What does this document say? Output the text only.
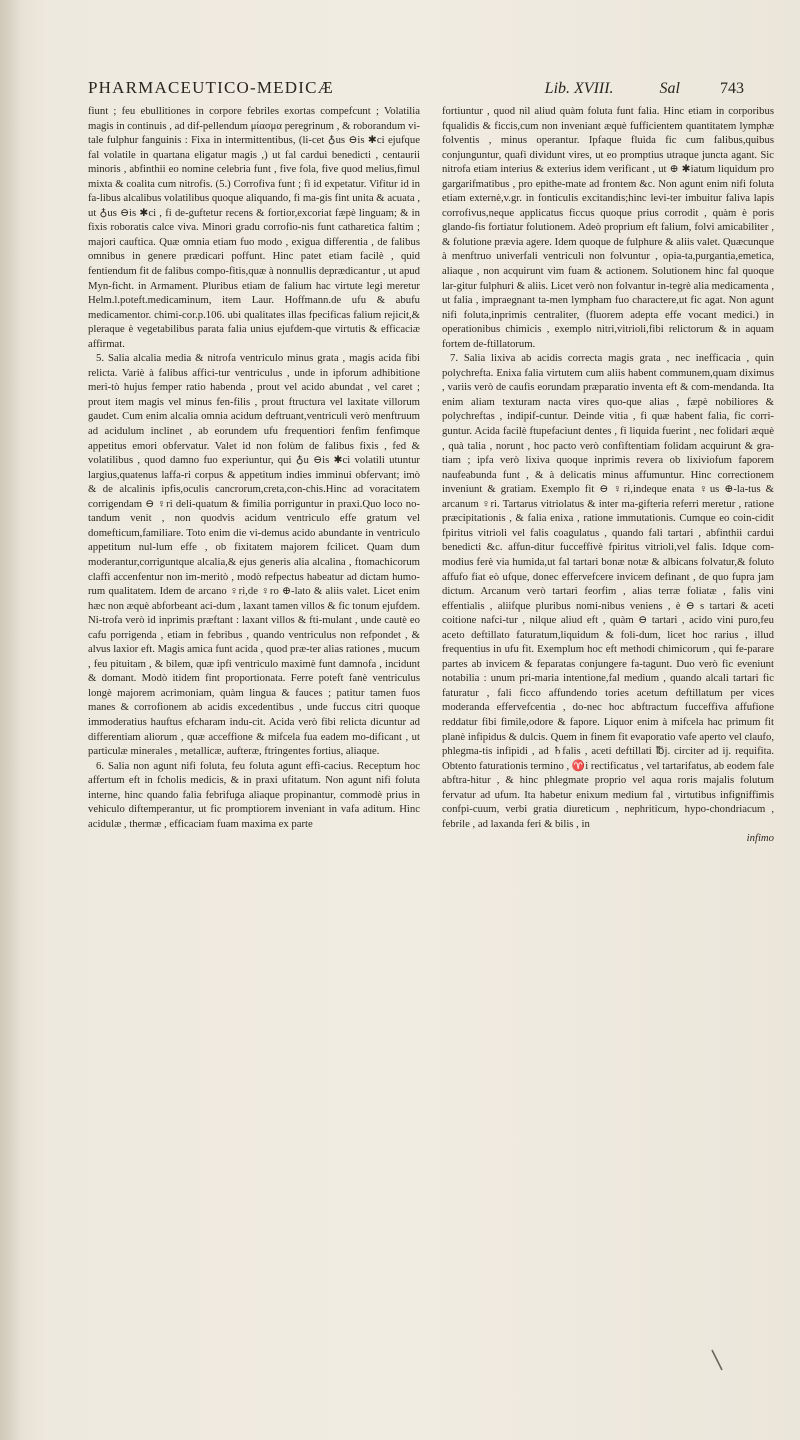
PHARMACEUTICO-MEDICÆ	Lib. XVIII.	Sal	743

fiunt ; feu ebullitiones in corpore febriles exortas compefcunt ; Volatilia magis in continuis , ad dif-pellendum μίασμα peregrinum , & roborandum vi-tale fulphur fanguinis : Fixa in intermittentibus, (li-cet ♁us ⊖is ✱ci ejufque fal volatile in quartana eligatur magis ,) ut fal cardui benedicti , centaurii minoris , abfinthii eo nomine celebria funt , five fola, five quod melius,fimul mixta & coalita cum nitrofis. (5.) Corrofiva funt ; fi id expetatur. Vifitur id in fa-libus alcalibus volatilibus quoque aliquando, fi ma-gis fint unita & acuata , ut ♁us ⊖is ✱ci , fi de-guftetur recens & fortior,excoriat fæpè linguam; & in fixis roboratis calce viva. Minori gradu corrofio-nis funt catharetica faltim ; majori cauftica. Quæ omnia etiam fuo modo , exigua differentia , de falibus omnibus in genere prædicari poffunt. Hinc patet etiam facilè , quid fentiendum fit de falibus compo-fitis,quæ à nonnullis deprædicantur , ut apud Myn-ficht. in Armament. Pluribus etiam de falium hac virtute legi meretur Helm.l.poteft.medicaminum, item Laur. Hoffmann.de ufu & abufu medicamentor. chimi-cor.p.106. ubi qualitates illas fpecificas falium rejicit,& pleraque è vegetabilibus parata falia unius ejufdem-que virtutis & efficaciæ affirmat.

5. Salia alcalia media & nitrofa ventriculo minus grata , magis acida fibi relicta. Variè à falibus affici-tur ventriculus , unde in ipforum adhibitione meri-tò hujus femper ratio habenda , prout vel acido abundat , vel caret ; prout item magis vel minus fen-filis , prout ftructura vel laxitate villorum gaudet. Cum enim alcalia omnia acidum deftruant,ventriculi verò menftruum ad acidulum inclinet , ab eorundem ufu frequentiori fenfim fenfimque appetitus emori obfervatur. Valet id non folùm de falibus fixis , fed & volatilibus , quod damno fuo experiuntur, qui ♁u ⊖is ✱ci volatili utuntur largius,quatenus laffa-ri corpus & appetitum indies imminui obfervant; imò & de alcalinis ipfis,oculis cancrorum,creta,con-chis.Hinc ad voracitatem corrigendam ⊖ ♀ri deli-quatum & fimilia porriguntur in praxi.Quo loco no-tandum venit , non quodvis acidum ventriculo effe gratum vel domefticum,familiare. Toto enim die vi-demus acido abundante in ventriculo appetitum nul-lum effe , ob fixitatem majorem fcilicet. Quam dum moderantur,corriguntque alcalia,& ejus generis alia alcalina , ftomachicorum claffi accenfentur non im-meritò , modò refpectus habeatur ad dictam humo-rum qualitatem. Idem de arcano ♀ri,de ♀ro ⊕-lato & aliis valet. Licet enim hæc non æquè abforbeant aci-dum , laxant tamen villos & fic tonum ejufdem. Ni-trofa verò id inprimis præftant : laxant villos & fti-mulant , unde cautè eo cafu porrigenda , etiam in febribus , quando ventriculus non refpondet , & alvus laxior eft. Magis amica funt acida , quod præ-ter alias rationes , mucum , feu pituitam , & bilem, quæ ipfi ventriculo maximè funt damnofa , incidunt & domant. Modò itidem fint proportionata. Ferre poteft fanè ventriculus longè majorem acrimoniam, quàm lingua & fauces ; patitur tamen fuos manes & corrofionem ab acidis excedentibus , unde fuccus citri quoque immoderatius hauftus efcharam indu-cit. Acida verò fibi relicta dicuntur ad differentiam aliorum , quæ acceffione & mifcela fua eadem mo-dificant , ut particulæ minerales , metallicæ, aufteræ, ftringentes fortius, aliaque.

6. Salia non agunt nifi foluta, feu foluta agunt effi-cacius. Receptum hoc affertum eft in fcholis medicis, & in praxi ufitatum. Non agunt nifi foluta interne, hinc quando falia febrifuga aliaque propinantur, commodè prius in vehiculo diftemperantur, ut fic promptiorem inveniant in vafa aditum. Hinc acidulæ , thermæ , efficaciam fuam maxima ex parte

fortiuntur , quod nil aliud quàm foluta funt falia. Hinc etiam in corporibus fqualidis & ficcis,cum non inveniant æquè fufficientem quantitatem lymphæ folventis , minus operantur. Ipfaque fluida fic cum falibus,quibus conjunguntur, quafi dividunt vires, ut eo promptius utraque juncta agant. Sic nitrofa etiam interius & exterius idem verificant , ut ⊕ ✱iatum liquidum pro gargarifmatibus , pro epithe-mate ad frontem &c. Non agunt enim nifi foluta etiam externè,v.gr. in fonticulis excitandis;hinc levi-ter imbuitur faliva lapis corrofivus,neque applicatus ficcus quoque prius corrodit , quàm è poris glando-fis fortiatur folutionem. Adeò proprium eft falium, folvi amicabiliter , & folutione prævia agere. Idem quoque de fulphure & aliis valet. Quæcunque à menftruo univerfali ventriculi non folvuntur , opia-ta,purgantia,emetica, aliaque , non acquirunt vim fuam & actionem. Solutionem hinc fal quoque lar-gitur fulphuri & aliis. Licet verò non folvantur in-tegrè alia medicamenta , ut falia , impraegnant ta-men lympham fuo charactere,ut fic agat. Non agunt nifi foluta,inprimis centraliter, (fluorem adepta effe vocant medici.) in operationibus chimicis , exemplo nitri,vitrioli,fibi relictorum & in aquam fortem de-ftillatorum.

7. Salia lixiva ab acidis correcta magis grata , nec inefficacia , quin polychrefta. Enixa falia virtutem cum aliis habent communem,quam diximus , variis verò de caufis eorundam præparatio inventa eft & com-mendanda. Ita enim aliam texturam nacta vires quo-que alias , fæpè nobiliores & polychreftas , indipif-cuntur. Deinde vitia , fi quæ habent falia, fic corri-guntur. Acida facilè ftupefaciunt dentes , fi liquida fuerint , nec folidari æquè , quà talia , norunt , hoc pacto verò confiftentiam folidam acquirunt & gra-tiam ; ipfa verò lixiva quoque inprimis revera ob lixiviofum faporem naufeabunda funt , & à delicatis minus affumuntur. Hinc correctionem inveniunt & gratiam. Exemplo fit ⊖ ♀ri,indeque enata ♀us ⊕-la-tus & arcanum ♀ri. Tartarus vitriolatus & inter ma-gifteria referri meretur , ratione præcipitationis , & falia enixa , ratione immutationis. Cumque eo coin-cidit fpiritus vitrioli vel falis coagulatus , quando fali tartari , abfinthii cardui benedicti &c. affun-ditur fucceffivè fpiritus vitrioli,vel falis. Idque com-modius ferè via humida,ut fal tartari bonæ notæ & albicans folvatur,& foluto affufo fiat eò ufque, donec effervefcere invicem definant , de quo fupra jam dictum. Arcanum verò tartari feorfim , alias terræ foliatæ , falis vini effentialis , aliifque pluribus nomi-nibus veniens , è ⊖ s tartari & aceti coitione nafci-tur , nilque aliud eft , quàm ⊖ tartari , acido vini puro,feu aceto deftillato faturatum,liquidum & foli-dum, licet hoc rarius , illud frequentius in ufu fit. Exemplum hoc eft methodi chimicorum , qui fe-parare partes ab invicem & feparatas conjungere fa-tagunt. Duo verò fic eveniunt notabilia : unum pri-maria intentione,fal medium , quando alcali tartari fic faturatur , fali ficco affundendo tories acetum deftillatum per vices moderanda effervefcentia , do-nec hoc abftractum fucceffiva affufione reddatur fibi fimile,odore & fapore. Liquor enim à mifcela hac primum fit planè infipidus & dulcis. Quem in finem fit evaporatio vafe aperto vel claufo, phlegma-tis infipidi , ad ♄falis , aceti deftillati ℔j. circiter ad ij. requifita. Obtento faturationis termino , ♈i rectificatus , vel tartarifatus, ab eodem fale abftra-hitur , & hinc phlegmate proprio vel aqua roris majalis folutum fervatur ad ufum. Ita habetur enixum medium fal , virtutibus infigniffimis confpi-cuum, verbi gratia diureticum , nephriticum, hypo-chondriacum , febrile , ad laxanda feri & bilis , in

infimo
